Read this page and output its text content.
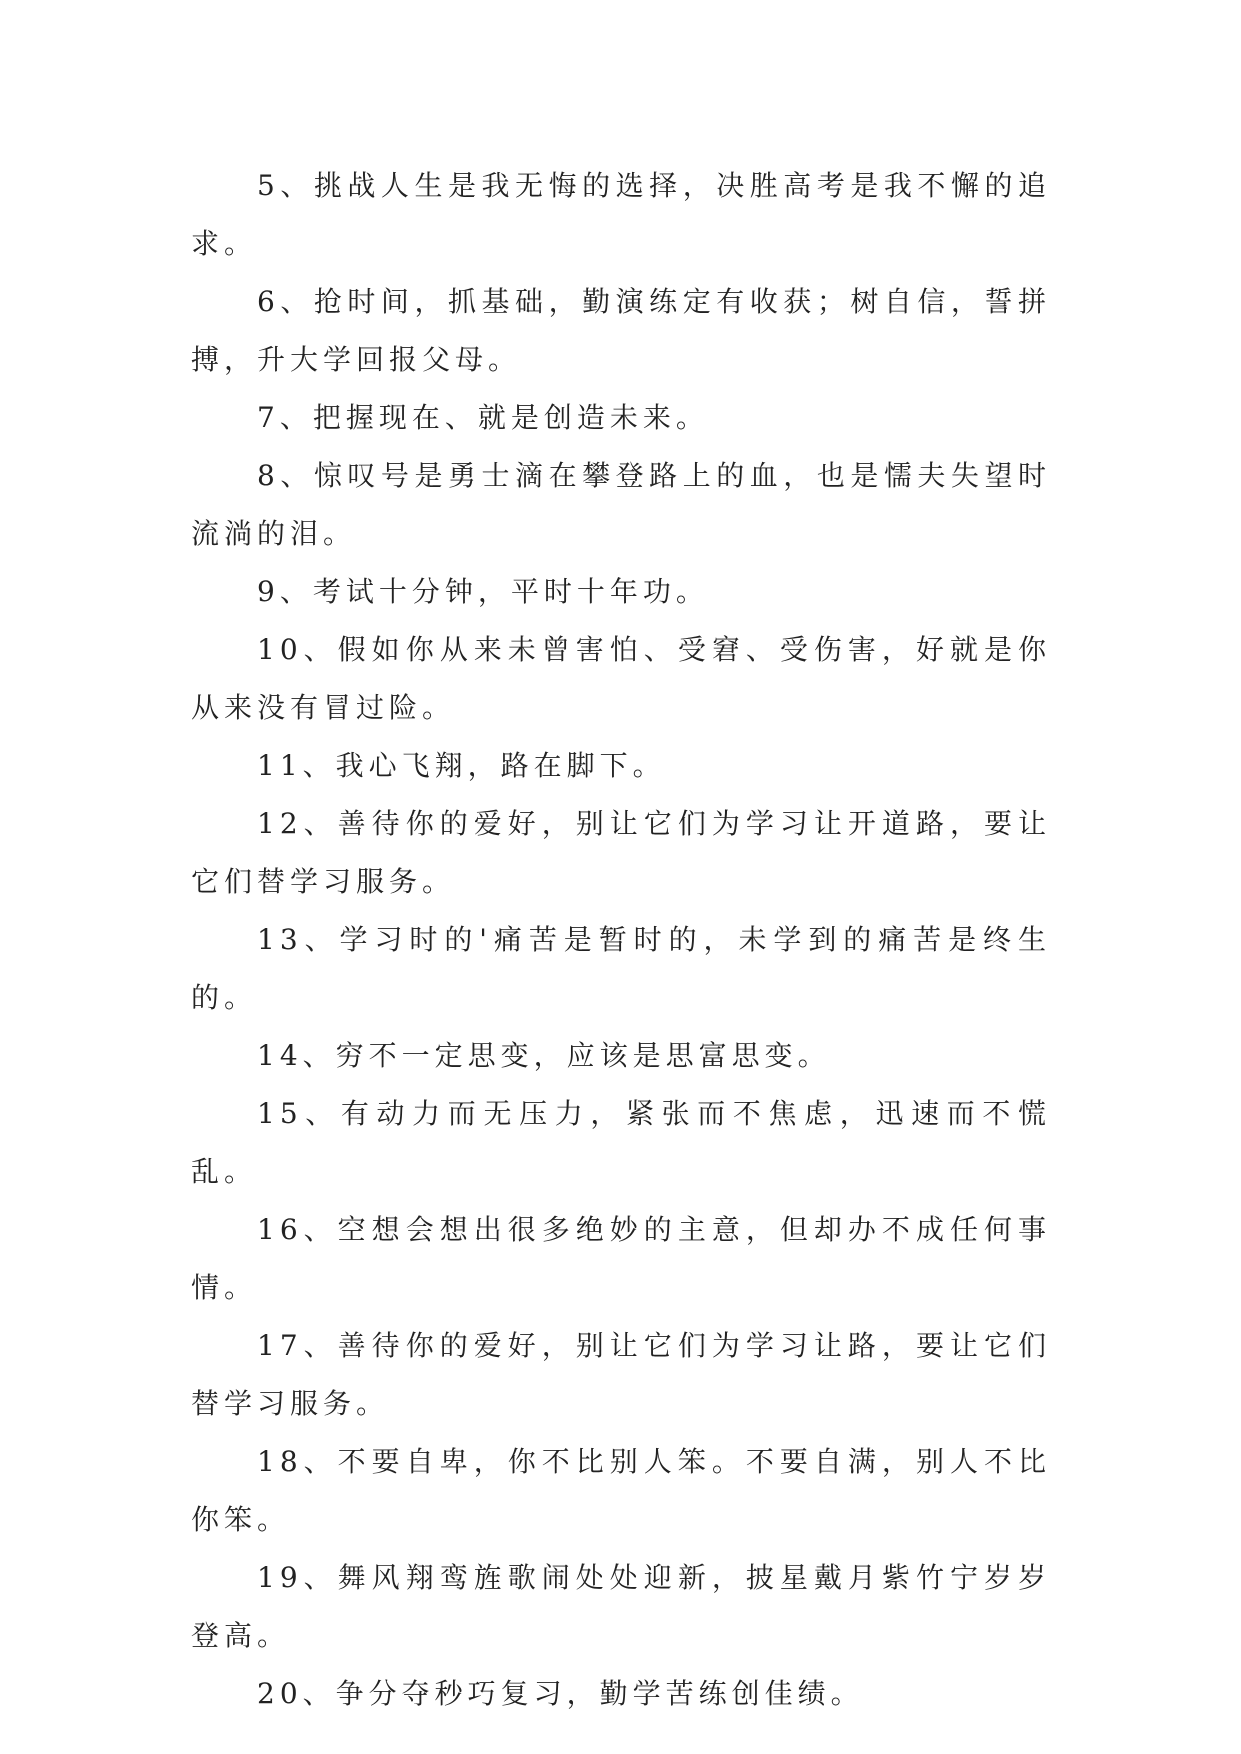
5、挑战人生是我无悔的选择，决胜高考是我不懈的追求。

6、抢时间，抓基础，勤演练定有收获；树自信，誓拼搏，升大学回报父母。

7、把握现在、就是创造未来。

8、惊叹号是勇士滴在攀登路上的血，也是懦夫失望时流淌的泪。

9、考试十分钟，平时十年功。

10、假如你从来未曾害怕、受窘、受伤害，好就是你从来没有冒过险。

11、我心飞翔，路在脚下。

12、善待你的爱好，别让它们为学习让开道路，要让它们替学习服务。

13、学习时的'痛苦是暂时的，未学到的痛苦是终生的。

14、穷不一定思变，应该是思富思变。

15、有动力而无压力，紧张而不焦虑，迅速而不慌乱。

16、空想会想出很多绝妙的主意，但却办不成任何事情。

17、善待你的爱好，别让它们为学习让路，要让它们替学习服务。

18、不要自卑，你不比别人笨。不要自满，别人不比你笨。

19、舞风翔鸾旌歌闹处处迎新，披星戴月紫竹宁岁岁登高。

20、争分夺秒巧复习，勤学苦练创佳绩。
